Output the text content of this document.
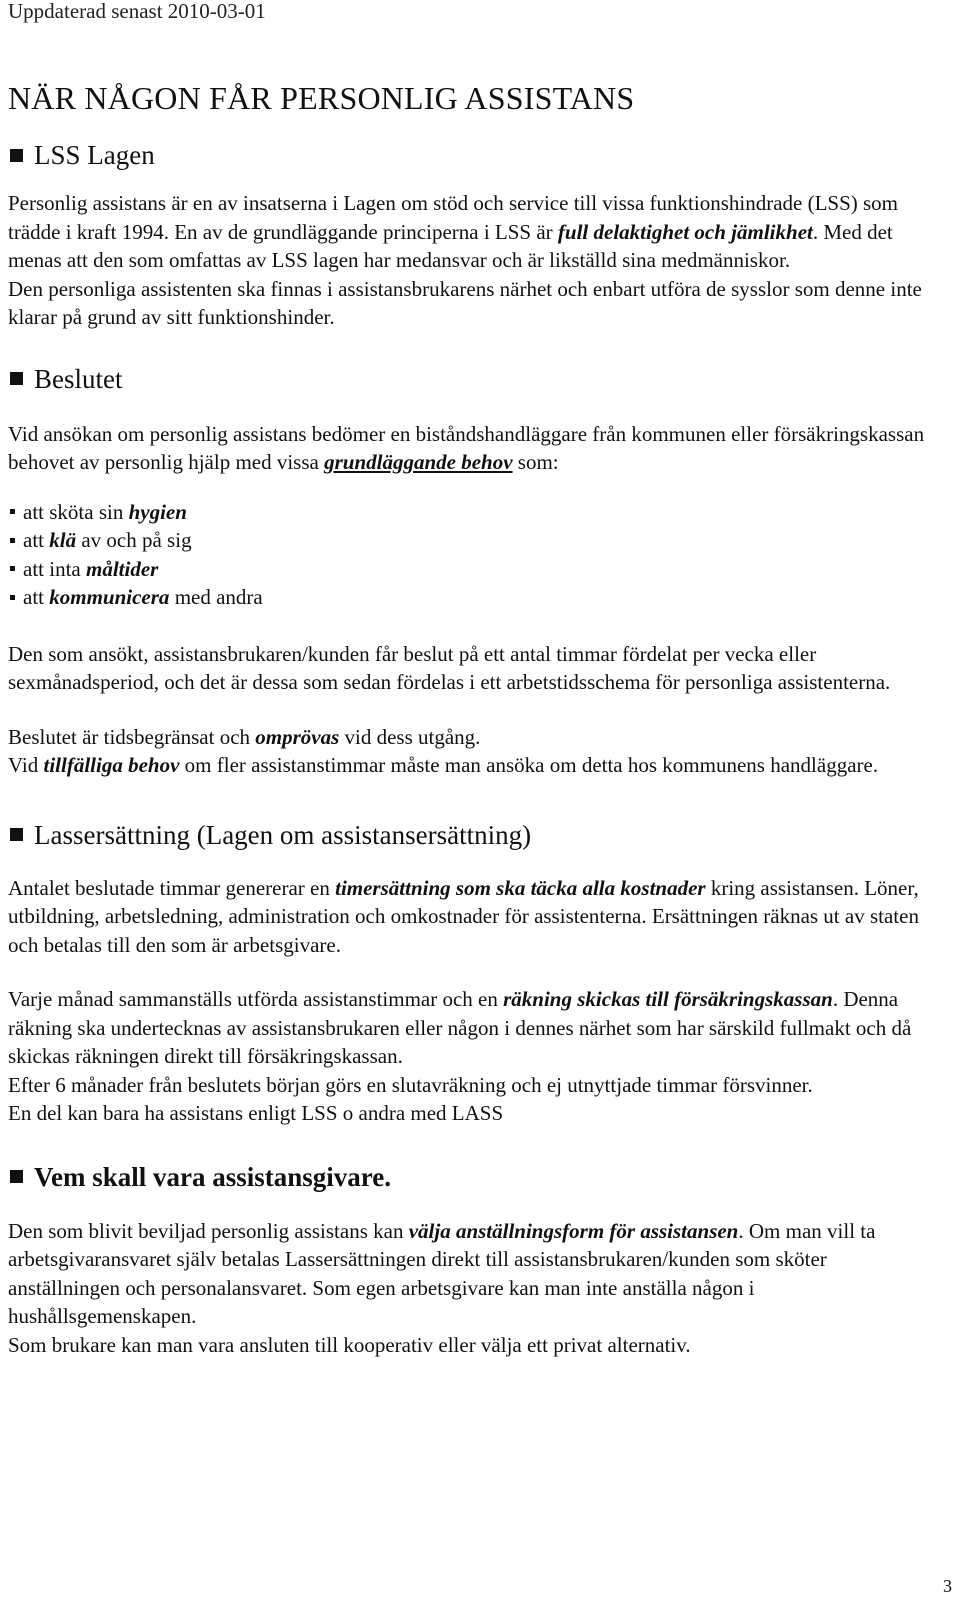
Uppdaterad senast 2010-03-01
NÄR NÅGON FÅR PERSONLIG ASSISTANS
LSS Lagen

Personlig assistans är en av insatserna i Lagen om stöd och service till vissa funktionshindrade (LSS) som trädde i kraft 1994. En av de grundläggande principerna i LSS är full delaktighet och jämlikhet. Med det menas att den som omfattas av LSS lagen har medansvar och är likställd sina medmänniskor.

Den personliga assistenten ska finnas i assistansbrukarens närhet och enbart utföra de sysslor som denne inte klarar på grund av sitt funktionshinder.

Beslutet

Vid ansökan om personlig assistans bedömer en biståndshandläggare från kommunen eller försäkringskassan behovet av personlig hjälp med vissa grundläggande behov som:

att sköta sin
hygien
att
klä
av och på sig
att inta
måltider
att
kommunicera
med andra

Den som ansökt, assistansbrukaren/kunden får beslut på ett antal timmar fördelat per vecka eller sexmånadsperiod, och det är dessa som sedan fördelas i ett arbetstidsschema för personliga assistenterna.

Beslutet är tidsbegränsat och omprövas vid dess utgång.

Vid tillfälliga behov om fler assistanstimmar måste man ansöka om detta hos kommunens handläggare.

Lassersättning (Lagen om assistansersättning)

Antalet beslutade timmar genererar en timersättning som ska täcka alla kostnader kring assistansen. Löner, utbildning, arbetsledning, administration och omkostnader för assistenterna. Ersättningen räknas ut av staten och betalas till den som är arbetsgivare.

Varje månad sammanställs utförda assistanstimmar och en räkning skickas till försäkringskassan. Denna räkning ska undertecknas av assistansbrukaren eller någon i dennes närhet som har särskild fullmakt och då skickas räkningen direkt till försäkringskassan.

Efter 6 månader från beslutets början görs en slutavräkning och ej utnyttjade timmar försvinner.

En del kan bara ha assistans enligt LSS o andra med LASS

Vem skall vara assistansgivare.

Den som blivit beviljad personlig assistans kan välja anställningsform för assistansen. Om man vill ta arbetsgivaransvaret själv betalas Lassersättningen direkt till assistansbrukaren/kunden som sköter anställningen och personalansvaret. Som egen arbetsgivare kan man inte anställa någon i hushållsgemenskapen.

Som brukare kan man vara ansluten till kooperativ eller välja ett privat alternativ.

3
